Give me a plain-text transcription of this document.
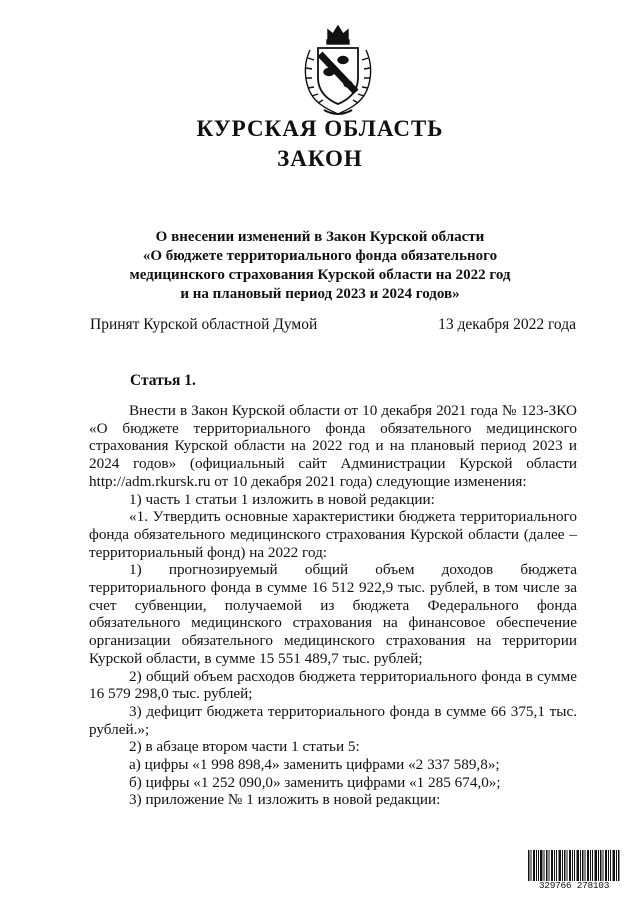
КУРСКАЯ ОБЛАСТЬ
ЗАКОН
О внесении изменений в Закон Курской области
«О бюджете территориального фонда обязательного
медицинского страхования Курской области на 2022 год
и на плановый период 2023 и 2024 годов»
Принят Курской областной Думой	13 декабря 2022 года
Статья 1.

Внести в Закон Курской области от 10 декабря 2021 года № 123-ЗКО «О бюджете территориального фонда обязательного медицинского страхования Курской области на 2022 год и на плановый период 2023 и 2024 годов» (официальный сайт Администрации Курской области http://adm.rkursk.ru от 10 декабря 2021 года) следующие изменения:

1) часть 1 статьи 1 изложить в новой редакции:

«1. Утвердить основные характеристики бюджета территориального фонда обязательного медицинского страхования Курской области (далее – территориальный фонд) на 2022 год:

1) прогнозируемый общий объем доходов бюджета территориального фонда в сумме 16 512 922,9 тыс. рублей, в том числе за счет субвенции, получаемой из бюджета Федерального фонда обязательного медицинского страхования на финансовое обеспечение организации обязательного медицинского страхования на территории Курской области, в сумме 15 551 489,7 тыс. рублей;

2) общий объем расходов бюджета территориального фонда в сумме 16 579 298,0 тыс. рублей;

3) дефицит бюджета территориального фонда в сумме 66 375,1 тыс. рублей.»;

2) в абзаце втором части 1 статьи 5:

а) цифры «1 998 898,4» заменить цифрами «2 337 589,8»;

б) цифры «1 252 090,0» заменить цифрами «1 285 674,0»;

3) приложение № 1 изложить в новой редакции:

329766 278103
